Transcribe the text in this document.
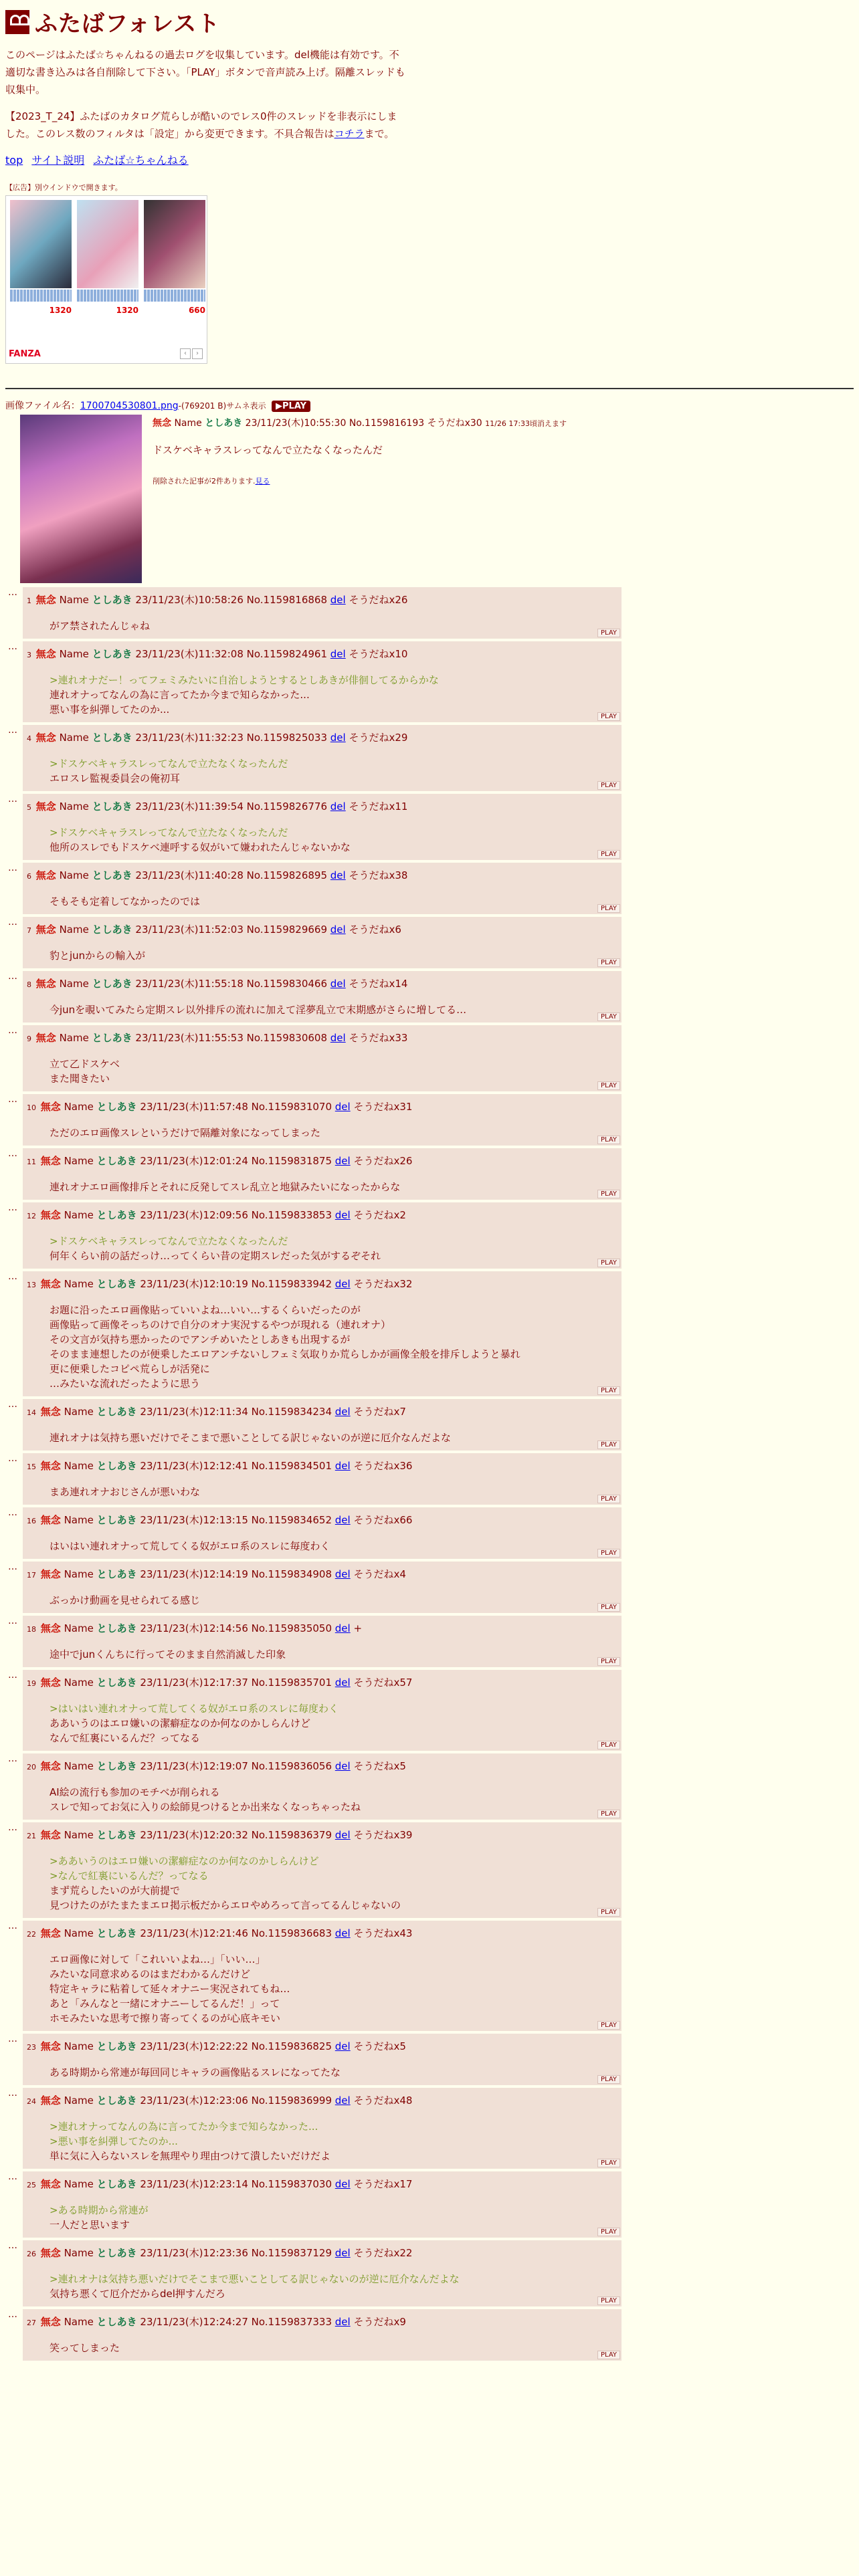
ふたばフォレスト

このページはふたば☆ちゃんねるの過去ログを収集しています。del機能は有効です。不適切な書き込みは各自削除して下さい。「PLAY」ボタンで音声読み上げ。隔離スレッドも収集中。

【2023_T_24】ふたばのカタログ荒らしが酷いのでレス0件のスレッドを非表示にしました。このレス数のフィルタは「設定」から変更できます。不具合報告はコチラまで。

top サイト説明 ふたば☆ちゃんねる
【広告】別ウインドウで開きます。
1320	1320	660
FANZA	‹	›
画像ファイル名：1700704530801.png-(769201 B)サムネ表示 ▶PLAY
無念 Name としあき 23/11/23(木)10:55:30 No.1159816193 そうだねx30 11/26 17:33頃消えます
ドスケベキャラスレってなんで立たなくなったんだ
削除された記事が2件あります.見る
…
1 無念 Name としあき 23/11/23(木)10:58:26 No.1159816868 del そうだねx26
がア禁されたんじゃね
PLAY
…
3 無念 Name としあき 23/11/23(木)11:32:08 No.1159824961 del そうだねx10
>連れオナだー！ってフェミみたいに自治しようとするとしあきが俳徊してるからかな
連れオナってなんの為に言ってたか今まで知らなかった...
悪い事を糾弾してたのか...
PLAY
…
4 無念 Name としあき 23/11/23(木)11:32:23 No.1159825033 del そうだねx29
>ドスケベキャラスレってなんで立たなくなったんだ
エロスレ監視委員会の俺初耳
PLAY
…
5 無念 Name としあき 23/11/23(木)11:39:54 No.1159826776 del そうだねx11
>ドスケベキャラスレってなんで立たなくなったんだ
他所のスレでもドスケベ連呼する奴がいて嫌われたんじゃないかな
PLAY
…
6 無念 Name としあき 23/11/23(木)11:40:28 No.1159826895 del そうだねx38
そもそも定着してなかったのでは
PLAY
…
7 無念 Name としあき 23/11/23(木)11:52:03 No.1159829669 del そうだねx6
豹とjunからの輸入が
PLAY
…
8 無念 Name としあき 23/11/23(木)11:55:18 No.1159830466 del そうだねx14
今junを覗いてみたら定期スレ以外排斥の流れに加えて淫夢乱立で末期感がさらに増してる…
PLAY
…
9 無念 Name としあき 23/11/23(木)11:55:53 No.1159830608 del そうだねx33
立て乙ドスケベ
また聞きたい
PLAY
…
10 無念 Name としあき 23/11/23(木)11:57:48 No.1159831070 del そうだねx31
ただのエロ画像スレというだけで隔離対象になってしまった
PLAY
…
11 無念 Name としあき 23/11/23(木)12:01:24 No.1159831875 del そうだねx26
連れオナエロ画像排斥とそれに反発してスレ乱立と地獄みたいになったからな
PLAY
…
12 無念 Name としあき 23/11/23(木)12:09:56 No.1159833853 del そうだねx2
>ドスケベキャラスレってなんで立たなくなったんだ
何年くらい前の話だっけ…ってくらい昔の定期スレだった気がするぞそれ
PLAY
…
13 無念 Name としあき 23/11/23(木)12:10:19 No.1159833942 del そうだねx32
お題に沿ったエロ画像貼っていいよね…いい…するくらいだったのが
画像貼って画像そっちのけで自分のオナ実況するやつが現れる（連れオナ）
その文言が気持ち悪かったのでアンチめいたとしあきも出現するが
そのまま連想したのが便乗したエロアンチないしフェミ気取りか荒らしかが画像全般を排斥しようと暴れ
更に便乗したコピペ荒らしが活発に
…みたいな流れだったように思う
PLAY
…
14 無念 Name としあき 23/11/23(木)12:11:34 No.1159834234 del そうだねx7
連れオナは気持ち悪いだけでそこまで悪いことしてる訳じゃないのが逆に厄介なんだよな
PLAY
…
15 無念 Name としあき 23/11/23(木)12:12:41 No.1159834501 del そうだねx36
まあ連れオナおじさんが悪いわな
PLAY
…
16 無念 Name としあき 23/11/23(木)12:13:15 No.1159834652 del そうだねx66
はいはい連れオナって荒してくる奴がエロ系のスレに毎度わく
PLAY
…
17 無念 Name としあき 23/11/23(木)12:14:19 No.1159834908 del そうだねx4
ぶっかけ動画を見せられてる感じ
PLAY
…
18 無念 Name としあき 23/11/23(木)12:14:56 No.1159835050 del +
途中でjunくんちに行ってそのまま自然消滅した印象
PLAY
…
19 無念 Name としあき 23/11/23(木)12:17:37 No.1159835701 del そうだねx57
>はいはい連れオナって荒してくる奴がエロ系のスレに毎度わく
ああいうのはエロ嫌いの潔癖症なのか何なのかしらんけど
なんで紅裏にいるんだ？ってなる
PLAY
…
20 無念 Name としあき 23/11/23(木)12:19:07 No.1159836056 del そうだねx5
AI絵の流行も参加のモチベが削られる
スレで知ってお気に入りの絵師見つけるとか出来なくなっちゃったね
PLAY
…
21 無念 Name としあき 23/11/23(木)12:20:32 No.1159836379 del そうだねx39
>ああいうのはエロ嫌いの潔癖症なのか何なのかしらんけど
>なんで紅裏にいるんだ？ってなる
まず荒らしたいのが大前提で
見つけたのがたまたまエロ掲示板だからエロやめろって言ってるんじゃないの
PLAY
…
22 無念 Name としあき 23/11/23(木)12:21:46 No.1159836683 del そうだねx43
エロ画像に対して「これいいよね…」「いい…」
みたいな同意求めるのはまだわかるんだけど
特定キャラに粘着して延々オナニー実況されてもね…
あと「みんなと一緒にオナニーしてるんだ！」って
ホモみたいな思考で擦り寄ってくるのが心底キモい
PLAY
…
23 無念 Name としあき 23/11/23(木)12:22:22 No.1159836825 del そうだねx5
ある時期から常連が毎回同じキャラの画像貼るスレになってたな
PLAY
…
24 無念 Name としあき 23/11/23(木)12:23:06 No.1159836999 del そうだねx48
>連れオナってなんの為に言ってたか今まで知らなかった...
>悪い事を糾弾してたのか...
単に気に入らないスレを無理やり理由つけて潰したいだけだよ
PLAY
…
25 無念 Name としあき 23/11/23(木)12:23:14 No.1159837030 del そうだねx17
>ある時期から常連が
一人だと思います
PLAY
…
26 無念 Name としあき 23/11/23(木)12:23:36 No.1159837129 del そうだねx22
>連れオナは気持ち悪いだけでそこまで悪いことしてる訳じゃないのが逆に厄介なんだよな
気持ち悪くて厄介だからdel押すんだろ
PLAY
…
27 無念 Name としあき 23/11/23(木)12:24:27 No.1159837333 del そうだねx9
笑ってしまった
PLAY
